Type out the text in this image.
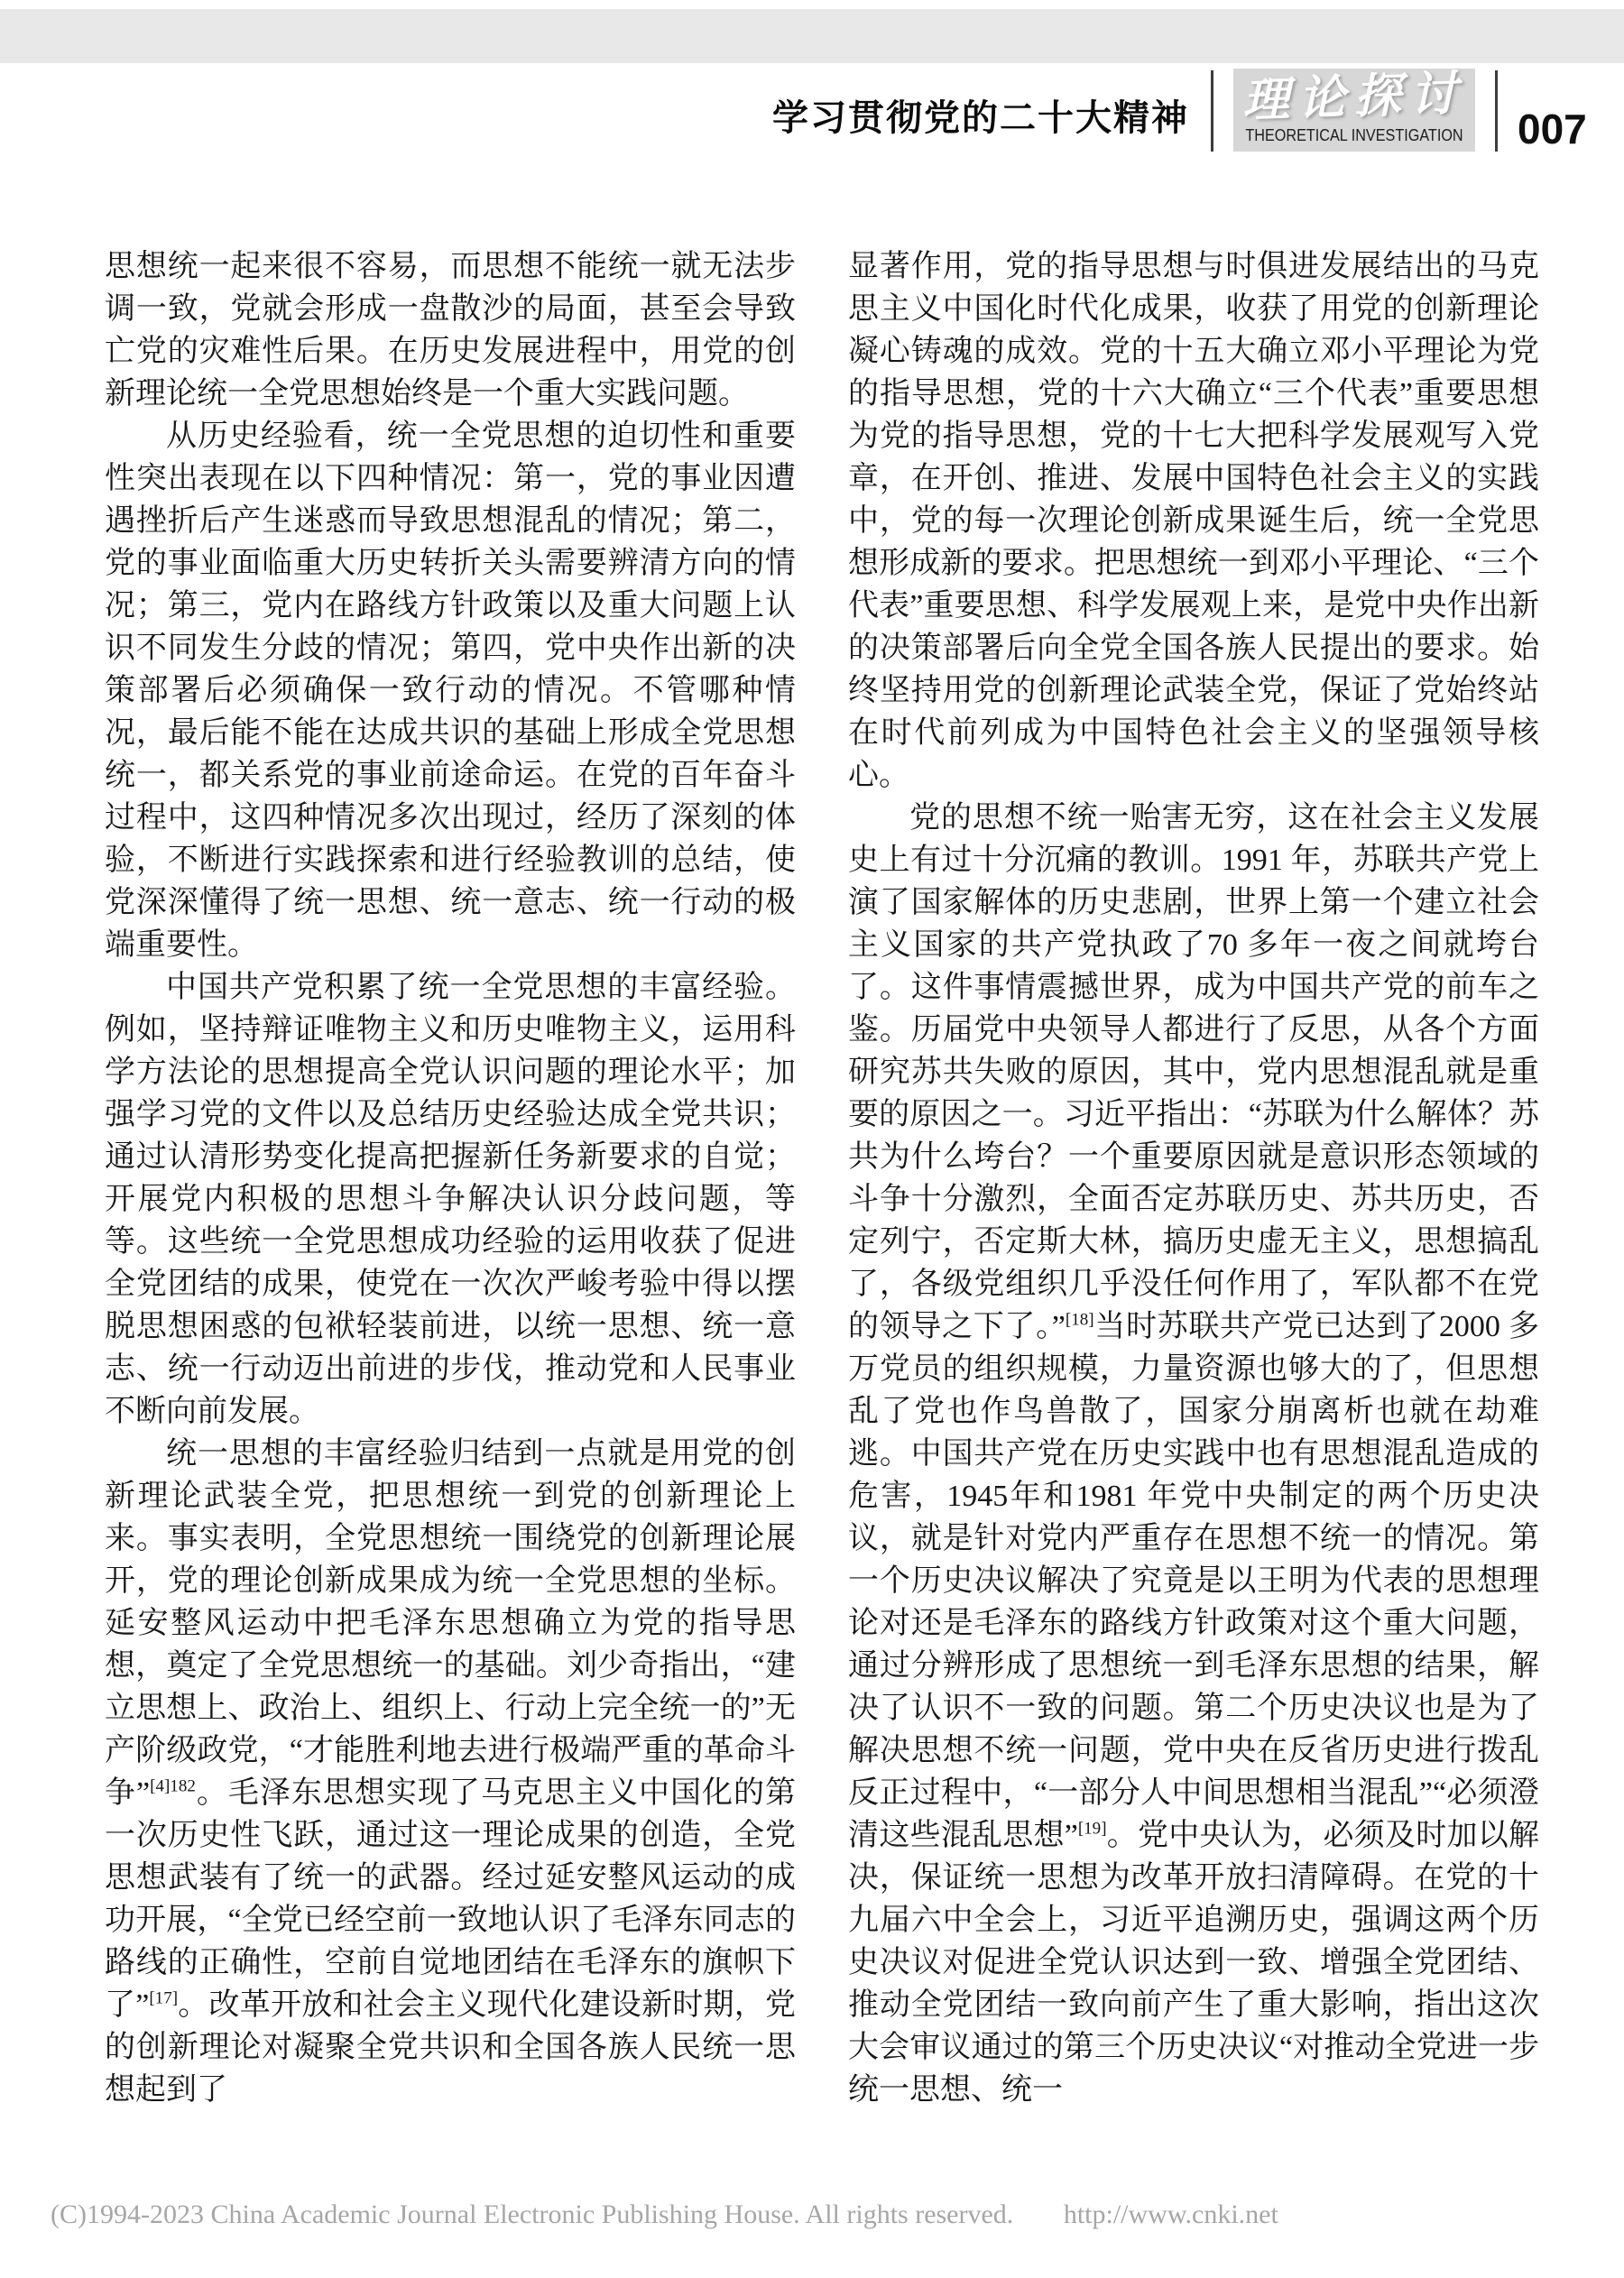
学习贯彻党的二十大精神 理论探讨
THEORETICAL INVESTIGATION 007

思想统一起来很不容易，而思想不能统一就无法步调一致，党就会形成一盘散沙的局面，甚至会导致亡党的灾难性后果。在历史发展进程中，用党的创新理论统一全党思想始终是一个重大实践问题。

从历史经验看，统一全党思想的迫切性和重要性突出表现在以下四种情况：第一，党的事业因遭遇挫折后产生迷惑而导致思想混乱的情况；第二，党的事业面临重大历史转折关头需要辨清方向的情况；第三，党内在路线方针政策以及重大问题上认识不同发生分歧的情况；第四，党中央作出新的决策部署后必须确保一致行动的情况。不管哪种情况，最后能不能在达成共识的基础上形成全党思想统一，都关系党的事业前途命运。在党的百年奋斗过程中，这四种情况多次出现过，经历了深刻的体验，不断进行实践探索和进行经验教训的总结，使党深深懂得了统一思想、统一意志、统一行动的极端重要性。

中国共产党积累了统一全党思想的丰富经验。例如，坚持辩证唯物主义和历史唯物主义，运用科学方法论的思想提高全党认识问题的理论水平；加强学习党的文件以及总结历史经验达成全党共识；通过认清形势变化提高把握新任务新要求的自觉；开展党内积极的思想斗争解决认识分歧问题，等等。这些统一全党思想成功经验的运用收获了促进全党团结的成果，使党在一次次严峻考验中得以摆脱思想困惑的包袱轻装前进，以统一思想、统一意志、统一行动迈出前进的步伐，推动党和人民事业不断向前发展。

统一思想的丰富经验归结到一点就是用党的创新理论武装全党，把思想统一到党的创新理论上来。事实表明，全党思想统一围绕党的创新理论展开，党的理论创新成果成为统一全党思想的坐标。延安整风运动中把毛泽东思想确立为党的指导思想，奠定了全党思想统一的基础。刘少奇指出，“建立思想上、政治上、组织上、行动上完全统一的”无产阶级政党，“才能胜利地去进行极端严重的革命斗争”$^{[4]182}$。毛泽东思想实现了马克思主义中国化的第一次历史性飞跃，通过这一理论成果的创造，全党思想武装有了统一的武器。经过延安整风运动的成功开展，“全党已经空前一致地认识了毛泽东同志的路线的正确性，空前自觉地团结在毛泽东的旗帜下了”[17]。改革开放和社会主义现代化建设新时期，党的创新理论对凝聚全党共识和全国各族人民统一思想起到了

显著作用，党的指导思想与时俱进发展结出的马克思主义中国化时代化成果，收获了用党的创新理论凝心铸魂的成效。党的十五大确立邓小平理论为党的指导思想，党的十六大确立“三个代表”重要思想为党的指导思想，党的十七大把科学发展观写入党章，在开创、推进、发展中国特色社会主义的实践中，党的每一次理论创新成果诞生后，统一全党思想形成新的要求。把思想统一到邓小平理论、“三个代表”重要思想、科学发展观上来，是党中央作出新的决策部署后向全党全国各族人民提出的要求。始终坚持用党的创新理论武装全党，保证了党始终站在时代前列成为中国特色社会主义的坚强领导核心。

党的思想不统一贻害无穷，这在社会主义发展史上有过十分沉痛的教训。1991 年，苏联共产党上演了国家解体的历史悲剧，世界上第一个建立社会主义国家的共产党执政了70 多年一夜之间就垮台了。这件事情震撼世界，成为中国共产党的前车之鉴。历届党中央领导人都进行了反思，从各个方面研究苏共失败的原因，其中，党内思想混乱就是重要的原因之一。习近平指出：“苏联为什么解体？苏共为什么垮台？一个重要原因就是意识形态领域的斗争十分激烈，全面否定苏联历史、苏共历史，否定列宁，否定斯大林，搞历史虚无主义，思想搞乱了，各级党组织几乎没任何作用了，军队都不在党的领导之下了。”[18]当时苏联共产党已达到了2000 多万党员的组织规模，力量资源也够大的了，但思想乱了党也作鸟兽散了，国家分崩离析也就在劫难逃。中国共产党在历史实践中也有思想混乱造成的危害，1945年和1981 年党中央制定的两个历史决议，就是针对党内严重存在思想不统一的情况。第一个历史决议解决了究竟是以王明为代表的思想理论对还是毛泽东的路线方针政策对这个重大问题，通过分辨形成了思想统一到毛泽东思想的结果，解决了认识不一致的问题。第二个历史决议也是为了解决思想不统一问题，党中央在反省历史进行拨乱反正过程中，“一部分人中间思想相当混乱”“必须澄清这些混乱思想”[19]。党中央认为，必须及时加以解决，保证统一思想为改革开放扫清障碍。在党的十九届六中全会上，习近平追溯历史，强调这两个历史决议对促进全党认识达到一致、增强全党团结、推动全党团结一致向前产生了重大影响，指出这次大会审议通过的第三个历史决议“对推动全党进一步统一思想、统一

(C)1994-2023 China Academic Journal Electronic Publishing House. All rights reserved. http://www.cnki.net
